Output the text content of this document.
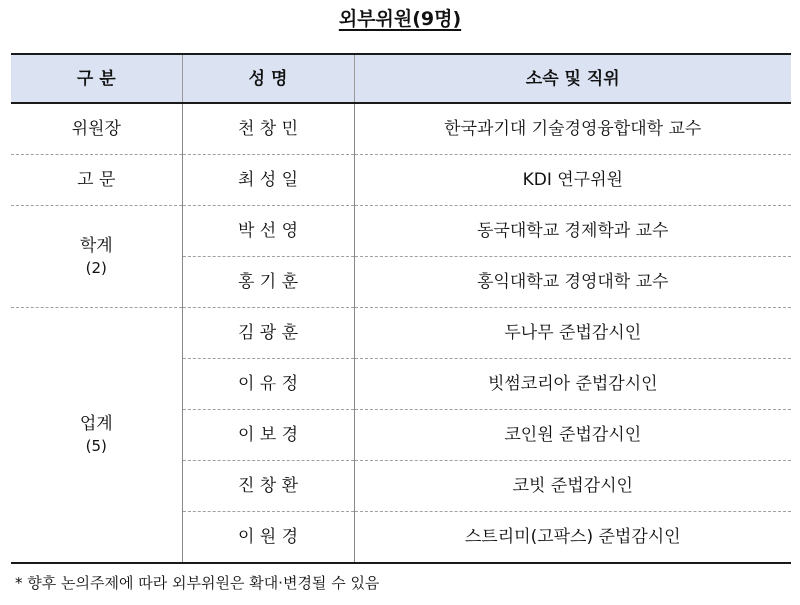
외부위원(9명)
구 분	성 명	소속 및 직위
위원장	천 창 민	한국과기대 기술경영융합대학 교수
고 문	최 성 일	KDI 연구위원
학계
(2)	박 선 영	동국대학교 경제학과 교수
	홍 기 훈	홍익대학교 경영대학 교수
업계
(5)	김 광 훈	두나무 준법감시인
	이 유 정	빗썸코리아 준법감시인
	이 보 경	코인원 준법감시인
	진 창 환	코빗 준법감시인
	이 원 경	스트리미(고팍스) 준법감시인
* 향후 논의주제에 따라 외부위원은 확대·변경될 수 있음
